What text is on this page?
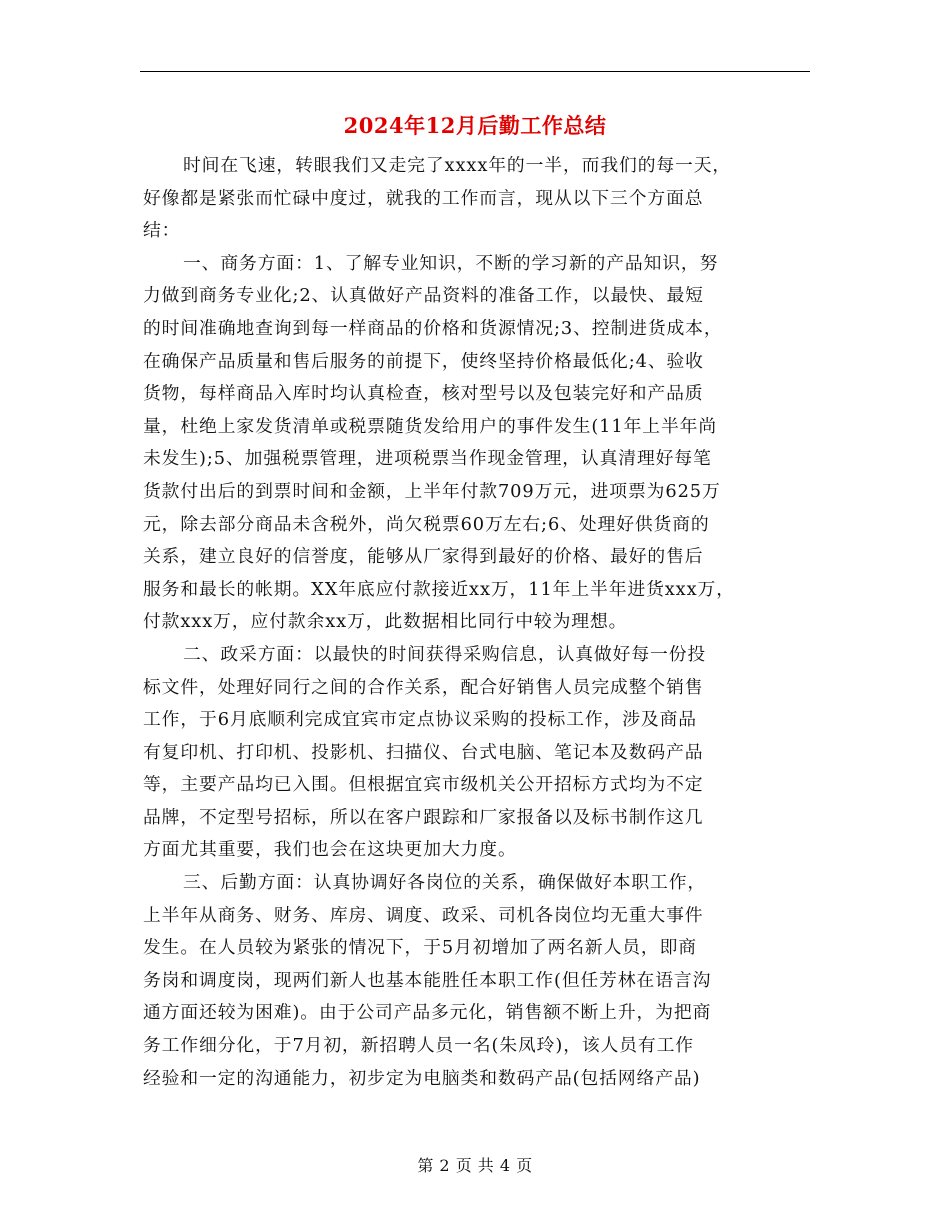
2024年12月后勤工作总结
时间在飞速，转眼我们又走完了xxxx年的一半，而我们的每一天，
好像都是紧张而忙碌中度过，就我的工作而言，现从以下三个方面总
结：
一、商务方面：1、了解专业知识，不断的学习新的产品知识，努
力做到商务专业化;2、认真做好产品资料的准备工作，以最快、最短
的时间准确地查询到每一样商品的价格和货源情况;3、控制进货成本，
在确保产品质量和售后服务的前提下，使终坚持价格最低化;4、验收
货物，每样商品入库时均认真检查，核对型号以及包装完好和产品质
量，杜绝上家发货清单或税票随货发给用户的事件发生(11年上半年尚
未发生);5、加强税票管理，进项税票当作现金管理，认真清理好每笔
货款付出后的到票时间和金额，上半年付款709万元，进项票为625万
元，除去部分商品未含税外，尚欠税票60万左右;6、处理好供货商的
关系，建立良好的信誉度，能够从厂家得到最好的价格、最好的售后
服务和最长的帐期。XX年底应付款接近xx万，11年上半年进货xxx万，
付款xxx万，应付款余xx万，此数据相比同行中较为理想。
二、政采方面：以最快的时间获得采购信息，认真做好每一份投
标文件，处理好同行之间的合作关系，配合好销售人员完成整个销售
工作，于6月底顺利完成宜宾市定点协议采购的投标工作，涉及商品
有复印机、打印机、投影机、扫描仪、台式电脑、笔记本及数码产品
等，主要产品均已入围。但根据宜宾市级机关公开招标方式均为不定
品牌，不定型号招标，所以在客户跟踪和厂家报备以及标书制作这几
方面尤其重要，我们也会在这块更加大力度。
三、后勤方面：认真协调好各岗位的关系，确保做好本职工作，
上半年从商务、财务、库房、调度、政采、司机各岗位均无重大事件
发生。在人员较为紧张的情况下，于5月初增加了两名新人员，即商
务岗和调度岗，现两们新人也基本能胜任本职工作(但任芳林在语言沟
通方面还较为困难)。由于公司产品多元化，销售额不断上升，为把商
务工作细分化，于7月初，新招聘人员一名(朱凤玲)，该人员有工作
经验和一定的沟通能力，初步定为电脑类和数码产品(包括网络产品)
第 2 页 共 4 页
